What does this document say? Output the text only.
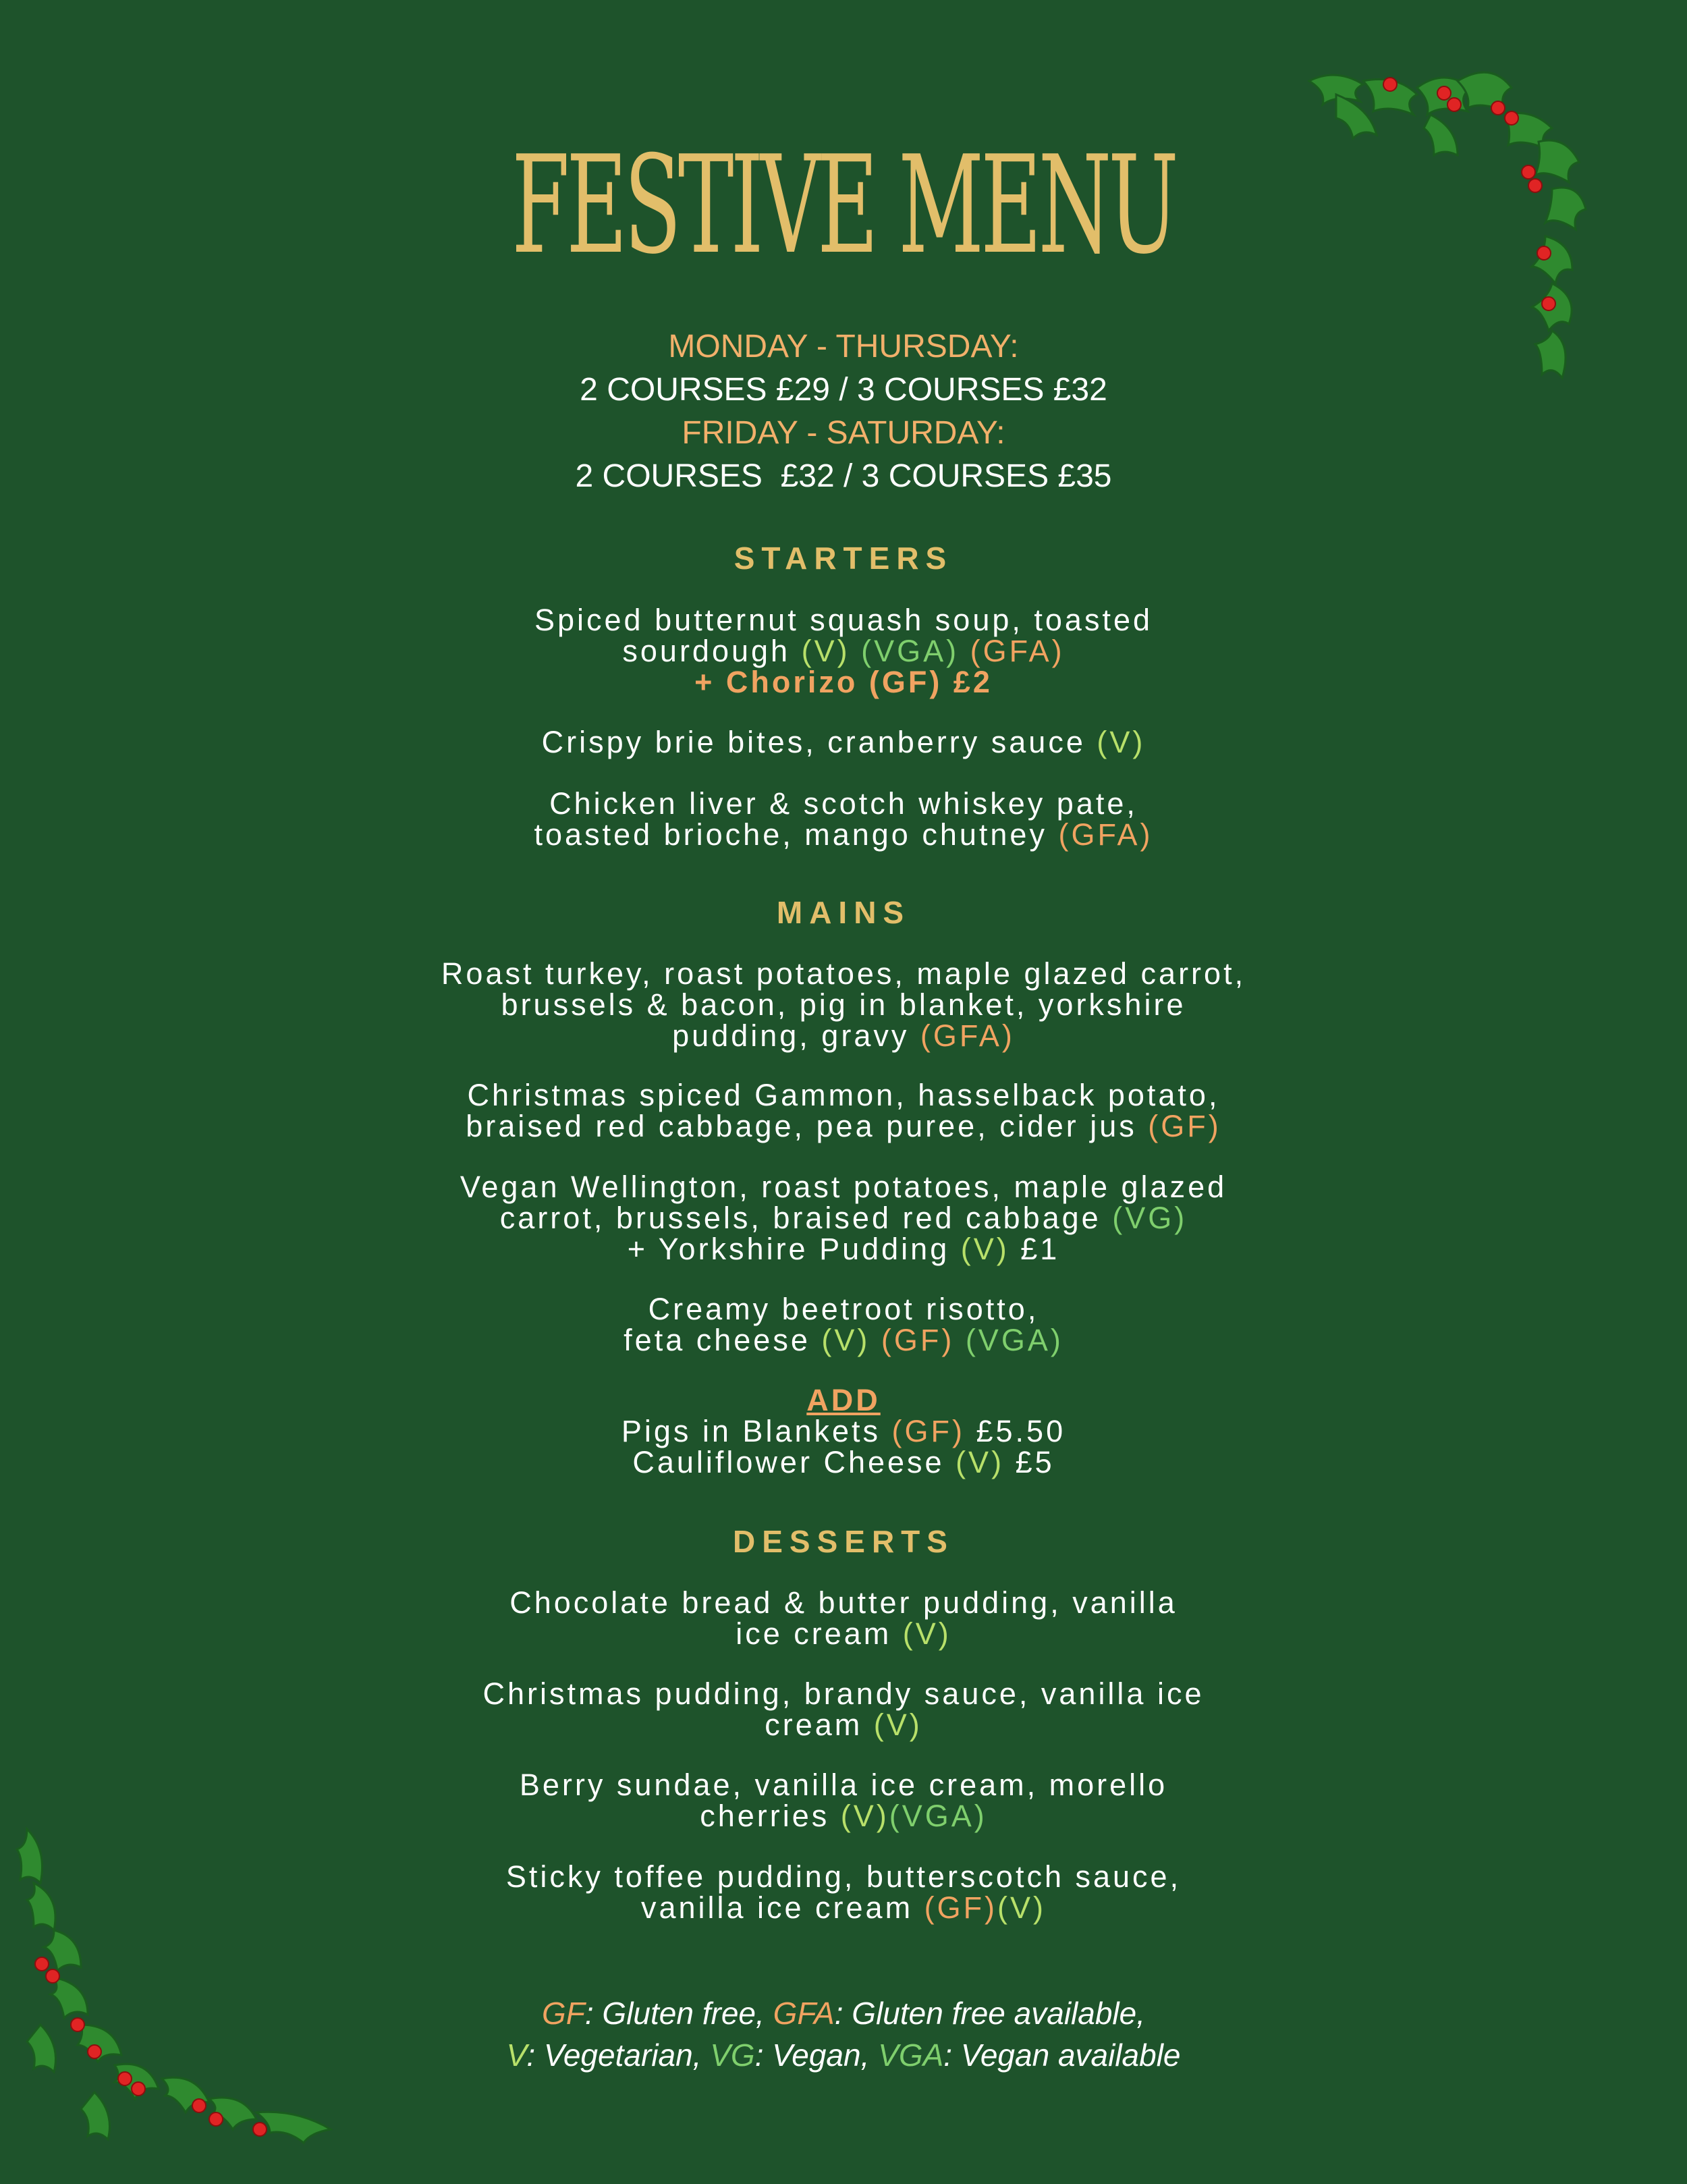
FESTIVE MENU
MONDAY - THURSDAY:
2 COURSES £29 / 3 COURSES £32
FRIDAY - SATURDAY:
2 COURSES  £32 / 3 COURSES £35
STARTERS
Spiced butternut squash soup, toasted
sourdough (V) (VGA) (GFA)
+ Chorizo (GF) £2
Crispy brie bites, cranberry sauce (V)
Chicken liver & scotch whiskey pate,
toasted brioche, mango chutney (GFA)
MAINS
Roast turkey, roast potatoes, maple glazed carrot,
brussels & bacon, pig in blanket, yorkshire
pudding, gravy (GFA)
Christmas spiced Gammon, hasselback potato,
braised red cabbage, pea puree, cider jus (GF)
Vegan Wellington, roast potatoes, maple glazed
carrot, brussels, braised red cabbage (VG)
+ Yorkshire Pudding (V) £1
Creamy beetroot risotto,
feta cheese (V) (GF) (VGA)
ADD
Pigs in Blankets (GF) £5.50
Cauliflower Cheese (V) £5
DESSERTS
Chocolate bread & butter pudding, vanilla
ice cream (V)
Christmas pudding, brandy sauce, vanilla ice
cream (V)
Berry sundae, vanilla ice cream, morello
cherries (V)(VGA)
Sticky toffee pudding, butterscotch sauce,
vanilla ice cream (GF)(V)
GF: Gluten free, GFA: Gluten free available,
V: Vegetarian, VG: Vegan, VGA: Vegan available
